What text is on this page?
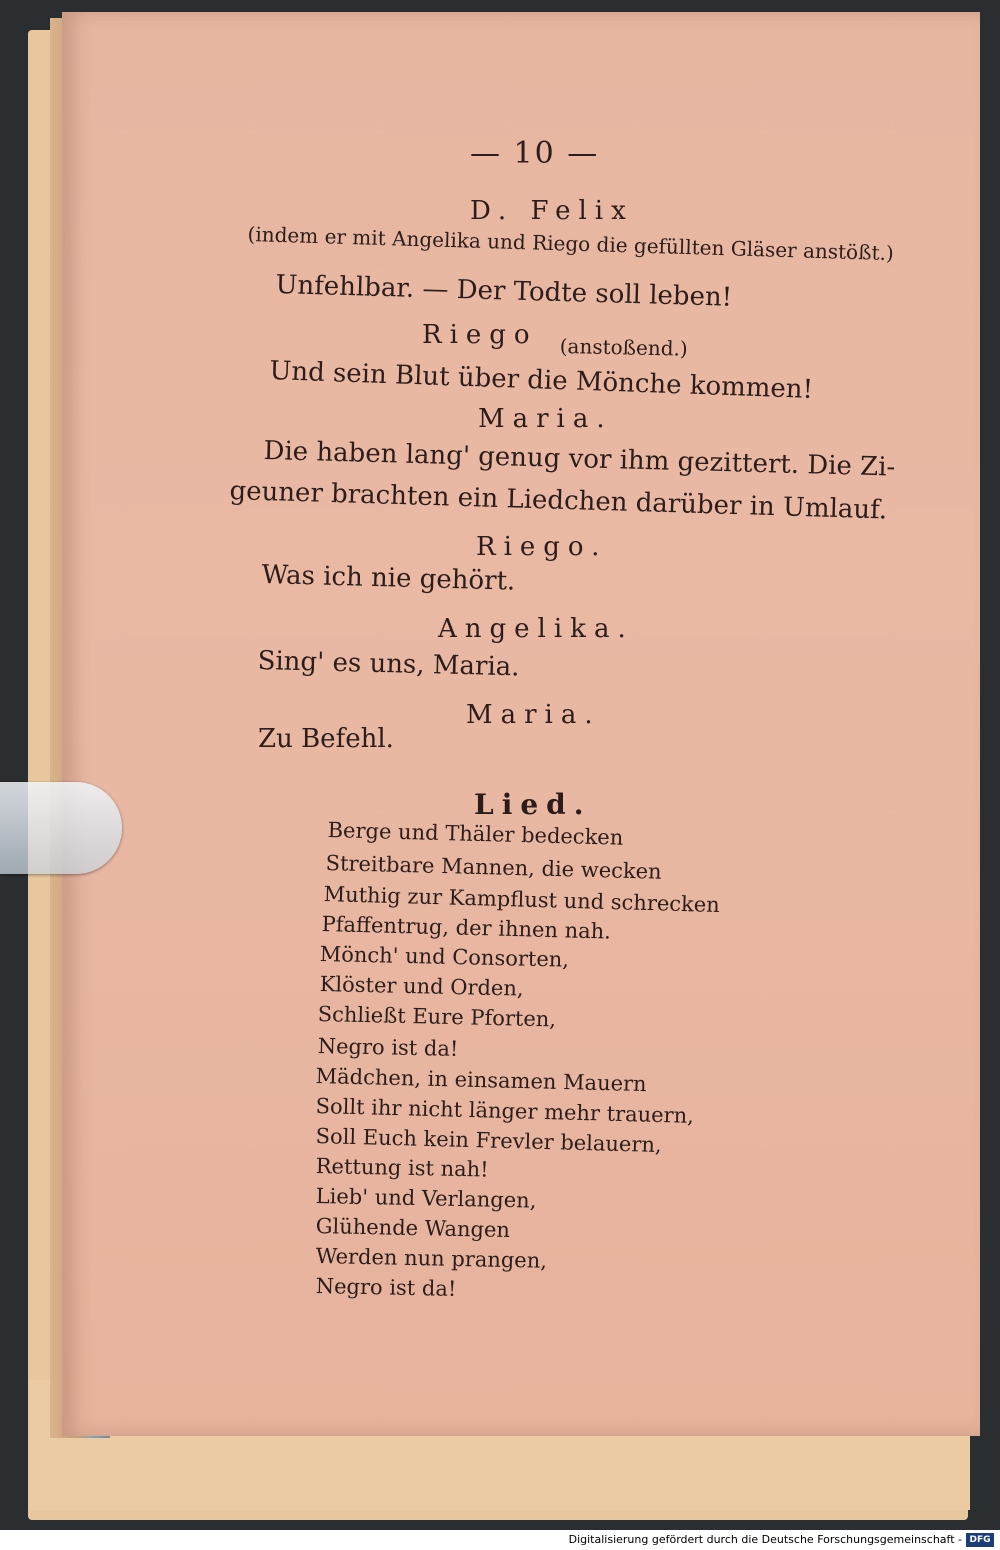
— 10 —
D. Felix
(indem er mit Angelika und Riego die gefüllten Gläser anstößt.)
Unfehlbar. — Der Todte soll leben!
Riego (anstoßend.)
Und sein Blut über die Mönche kommen!
Maria.
Die haben lang' genug vor ihm gezittert. Die Zi-
geuner brachten ein Liedchen darüber in Umlauf.
Riego.
Was ich nie gehört.
Angelika.
Sing' es uns, Maria.
Maria.
Zu Befehl.
Lied.
Berge und Thäler bedecken
Streitbare Mannen, die wecken
Muthig zur Kampflust und schrecken
Pfaffentrug, der ihnen nah.
Mönch' und Consorten,
Klöster und Orden,
Schließt Eure Pforten,
Negro ist da!
Mädchen, in einsamen Mauern
Sollt ihr nicht länger mehr trauern,
Soll Euch kein Frevler belauern,
Rettung ist nah!
Lieb' und Verlangen,
Glühende Wangen
Werden nun prangen,
Negro ist da!
Digitalisierung gefördert durch die Deutsche Forschungsgemeinschaft - DFG
